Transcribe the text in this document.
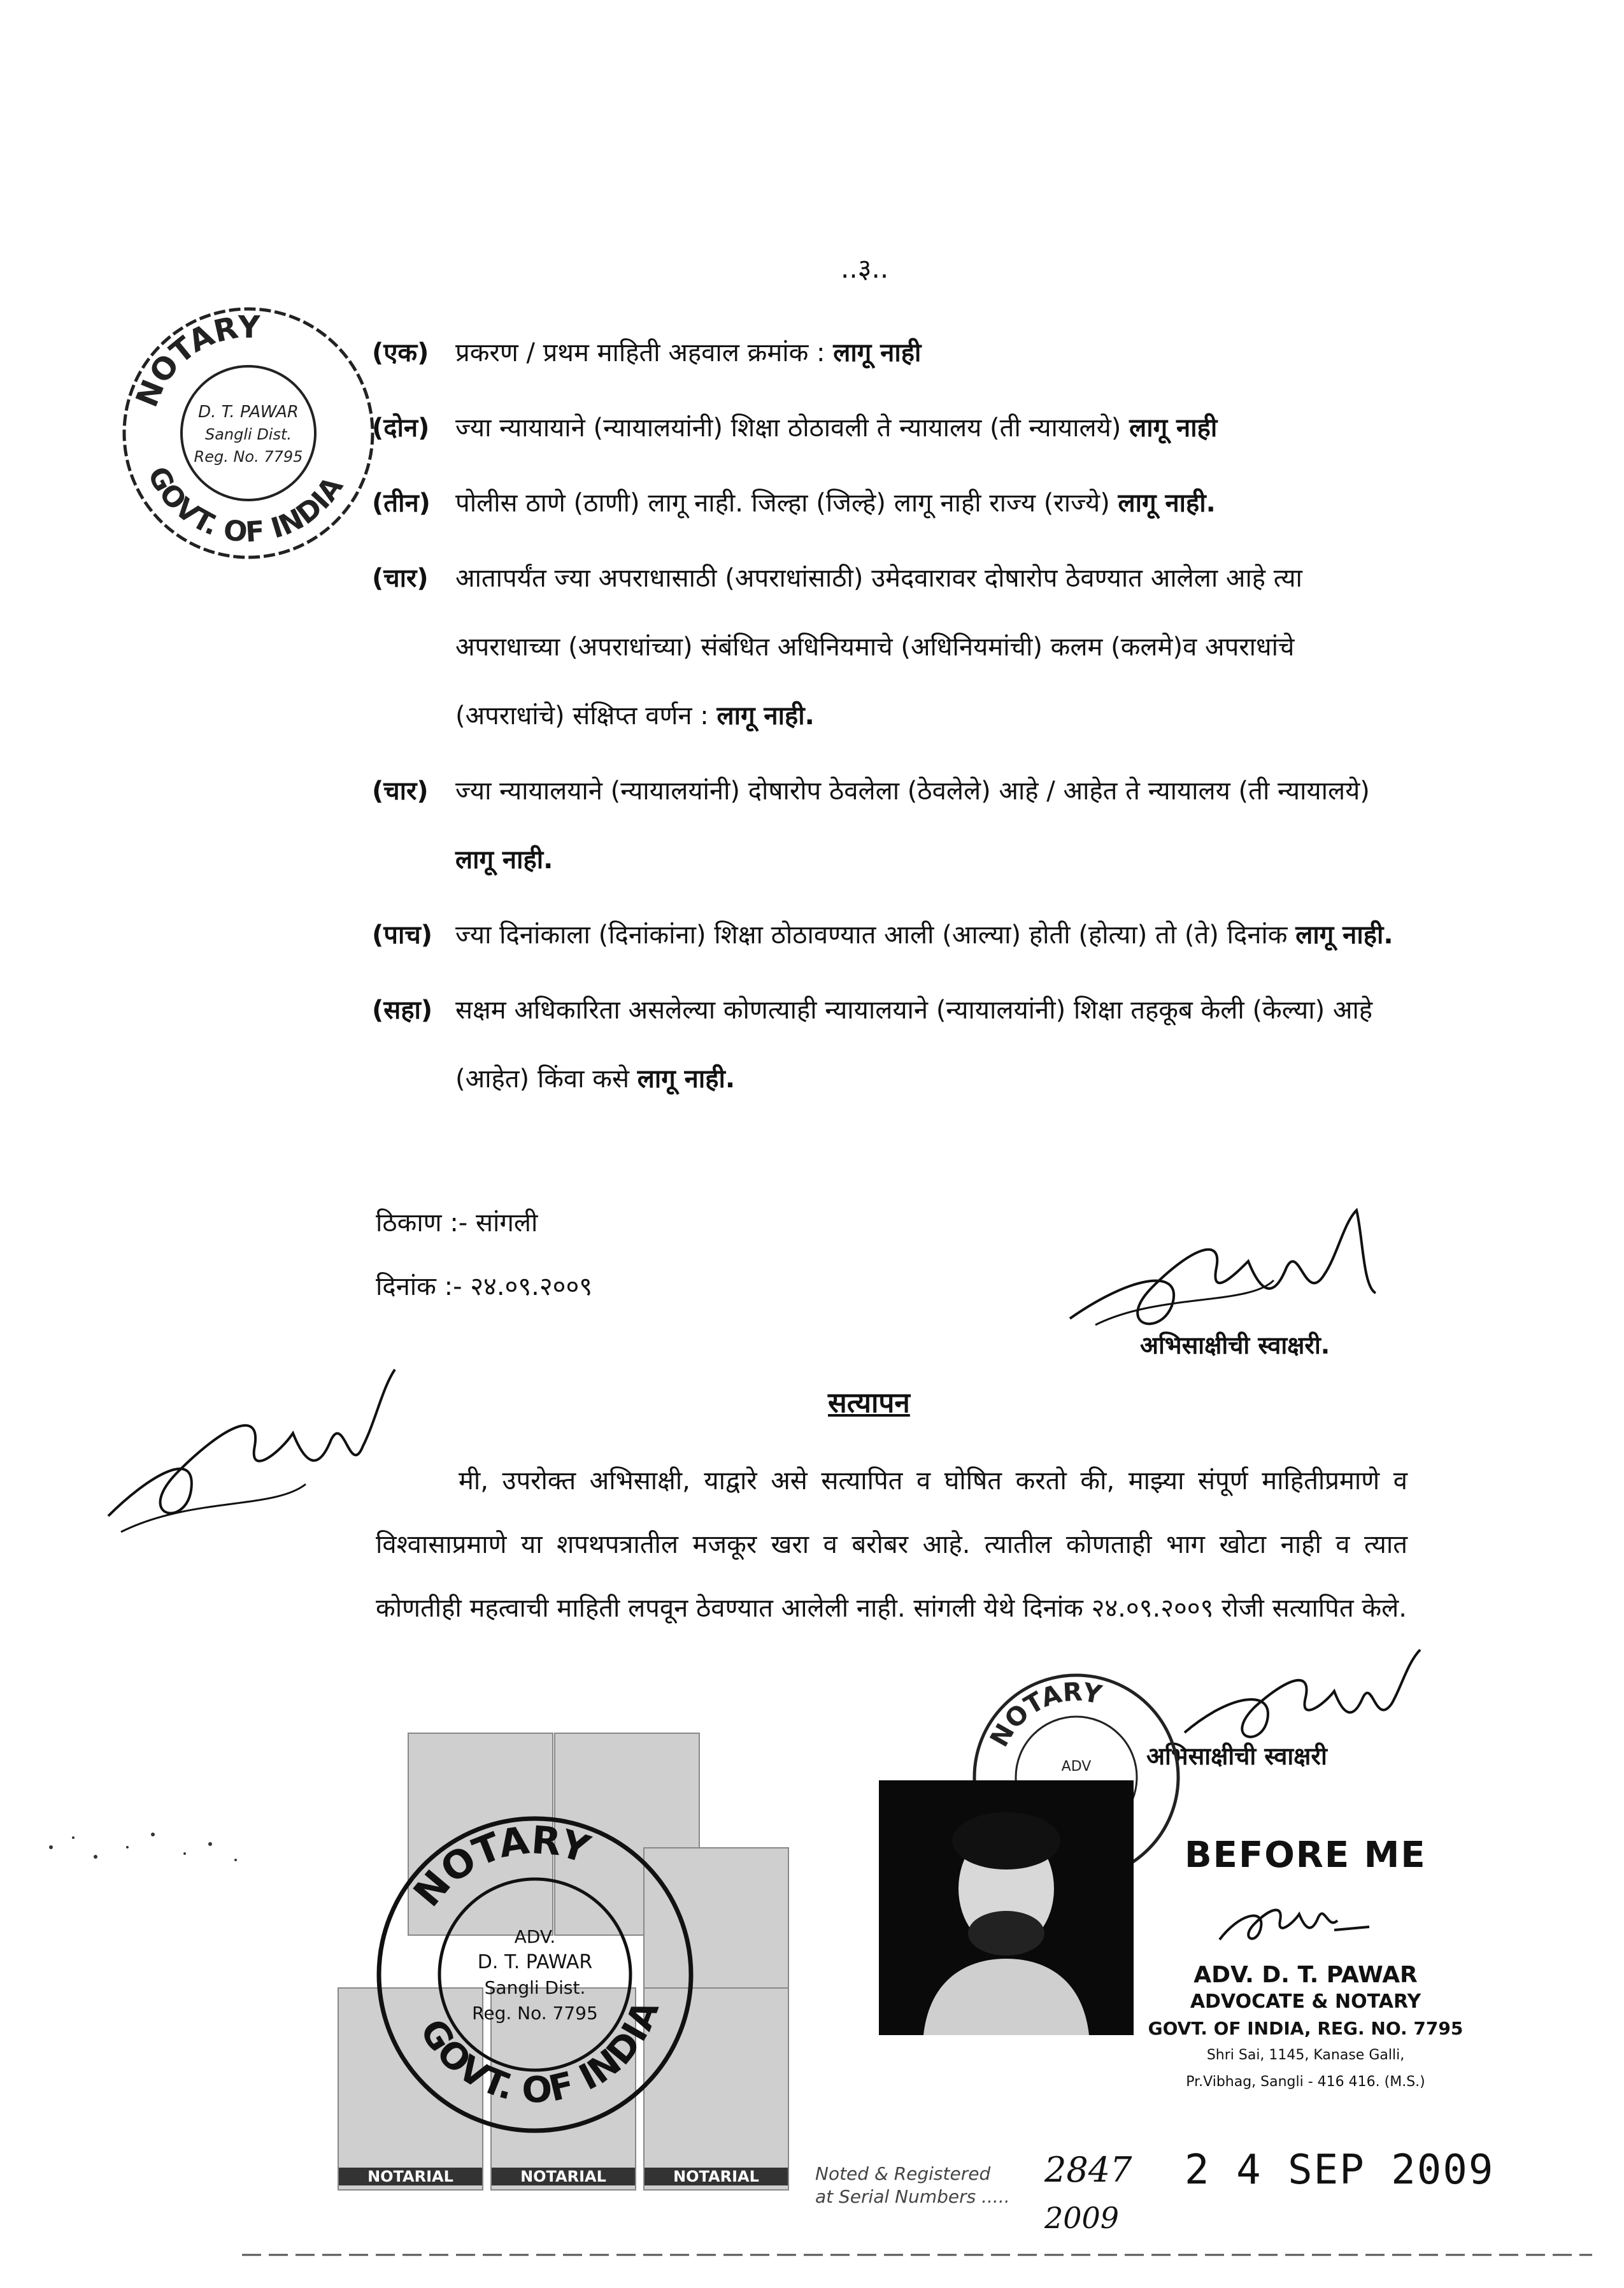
..३..
NOTARY
GOVT. OF INDIA
D. T. PAWAR
Sangli Dist.
Reg. No. 7795
(एक) प्रकरण / प्रथम माहिती अहवाल क्रमांक : लागू नाही
(दोन) ज्या न्यायायाने (न्यायालयांनी) शिक्षा ठोठावली ते न्यायालय (ती न्यायालये) लागू नाही
(तीन) पोलीस ठाणे (ठाणी) लागू नाही. जिल्हा (जिल्हे) लागू नाही राज्य (राज्ये) लागू नाही.
(चार) आतापर्यंत ज्या अपराधासाठी (अपराधांसाठी) उमेदवारावर दोषारोप ठेवण्यात आलेला आहे त्या अपराधाच्या (अपराधांच्या) संबंधित अधिनियमाचे (अधिनियमांची) कलम (कलमे)व अपराधांचे (अपराधांचे) संक्षिप्त वर्णन : लागू नाही.
(चार) ज्या न्यायालयाने (न्यायालयांनी) दोषारोप ठेवलेला (ठेवलेले) आहे / आहेत ते न्यायालय (ती न्यायालये) लागू नाही.
(पाच) ज्या दिनांकाला (दिनांकांना) शिक्षा ठोठावण्यात आली (आल्या) होती (होत्या) तो (ते) दिनांक लागू नाही.
(सहा) सक्षम अधिकारिता असलेल्या कोणत्याही न्यायालयाने (न्यायालयांनी) शिक्षा तहकूब केली (केल्या) आहे (आहेत) किंवा कसे लागू नाही.
ठिकाण :- सांगली
दिनांक :- २४.०९.२००९
अभिसाक्षीची स्वाक्षरी.
सत्यापन
मी, उपरोक्त अभिसाक्षी, याद्वारे असे सत्यापित व घोषित करतो की, माझ्या संपूर्ण माहितीप्रमाणे व विश्वासाप्रमाणे या शपथपत्रातील मजकूर खरा व बरोबर आहे. त्यातील कोणताही भाग खोटा नाही व त्यात कोणतीही महत्वाची माहिती लपवून ठेवण्यात आलेली नाही. सांगली येथे दिनांक २४.०९.२००९ रोजी सत्यापित केले.
अभिसाक्षीची स्वाक्षरी
NOTARY
ADV
NOTARIAL	NOTARIAL	NOTARIAL
NOTARY
GOVT. OF INDIA
ADV.
D. T. PAWAR
Sangli Dist.
Reg. No. 7795
BEFORE ME
ADV. D. T. PAWAR
ADVOCATE & NOTARY
GOVT. OF INDIA, REG. NO. 7795
Shri Sai, 1145, Kanase Galli,
Pr.Vibhag, Sangli - 416 416. (M.S.)
Noted & Registered
at Serial Numbers .....
2847
2009
2 4 SEP 2009
